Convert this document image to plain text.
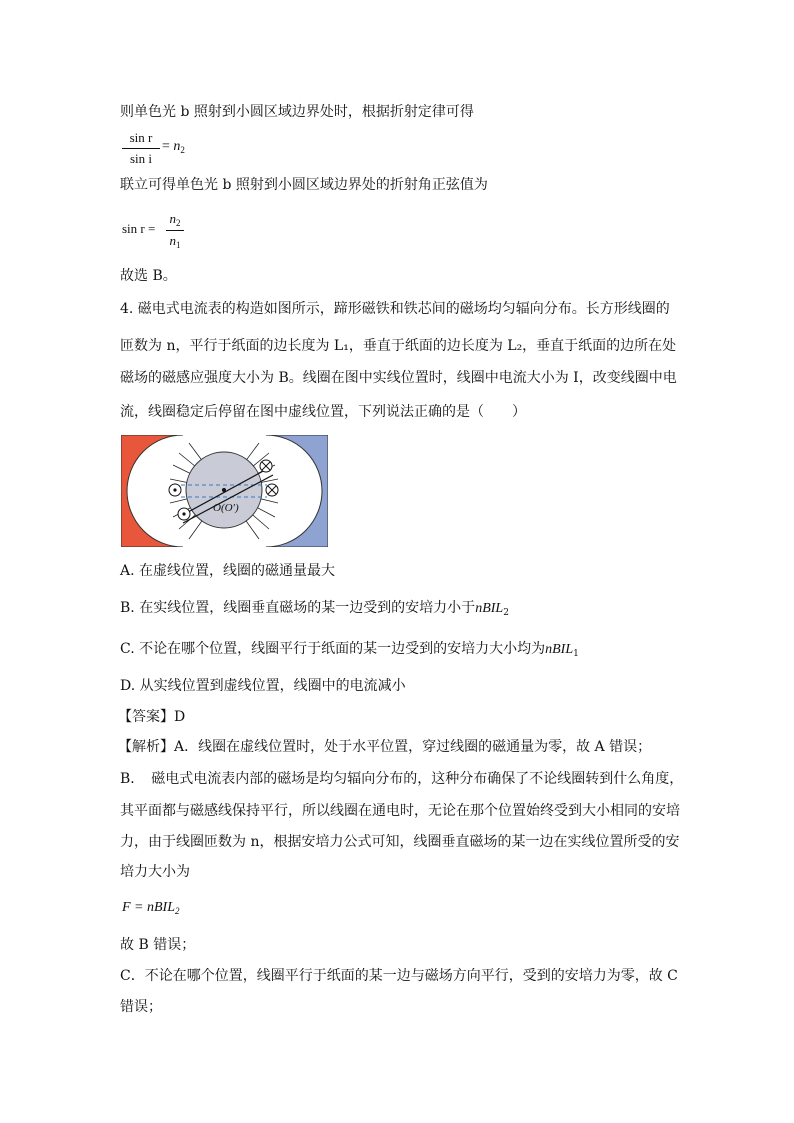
则单色光 b 照射到小圆区域边界处时，根据折射定律可得
sin r
sin i
= $n_2$
联立可得单色光 b 照射到小圆区域边界处的折射角正弦值为
sin r =
$n_2$
$n_1$
故选 B。
4. 磁电式电流表的构造如图所示，蹄形磁铁和铁芯间的磁场均匀辐向分布。长方形线圈的
匝数为 n，平行于纸面的边长度为 L₁，垂直于纸面的边长度为 L₂，垂直于纸面的边所在处
磁场的磁感应强度大小为 B。线圈在图中实线位置时，线圈中电流大小为 I，改变线圈中电
流，线圈稳定后停留在图中虚线位置，下列说法正确的是（　　）
S	N
O(O′)
A. 在虚线位置，线圈的磁通量最大
B. 在实线位置，线圈垂直磁场的某一边受到的安培力小于nBIL$_2$
C. 不论在哪个位置，线圈平行于纸面的某一边受到的安培力大小均为nBIL$_1$
D. 从实线位置到虚线位置，线圈中的电流减小
【答案】D
【解析】A．线圈在虚线位置时，处于水平位置，穿过线圈的磁通量为零，故 A 错误；
B．　磁电式电流表内部的磁场是均匀辐向分布的，这种分布确保了不论线圈转到什么角度，
其平面都与磁感线保持平行，所以线圈在通电时，无论在那个位置始终受到大小相同的安培
力，由于线圈匝数为 n，根据安培力公式可知，线圈垂直磁场的某一边在实线位置所受的安
培力大小为
F = nBIL$_2$
故 B 错误；
C．不论在哪个位置，线圈平行于纸面的某一边与磁场方向平行，受到的安培力为零，故 C
错误；
